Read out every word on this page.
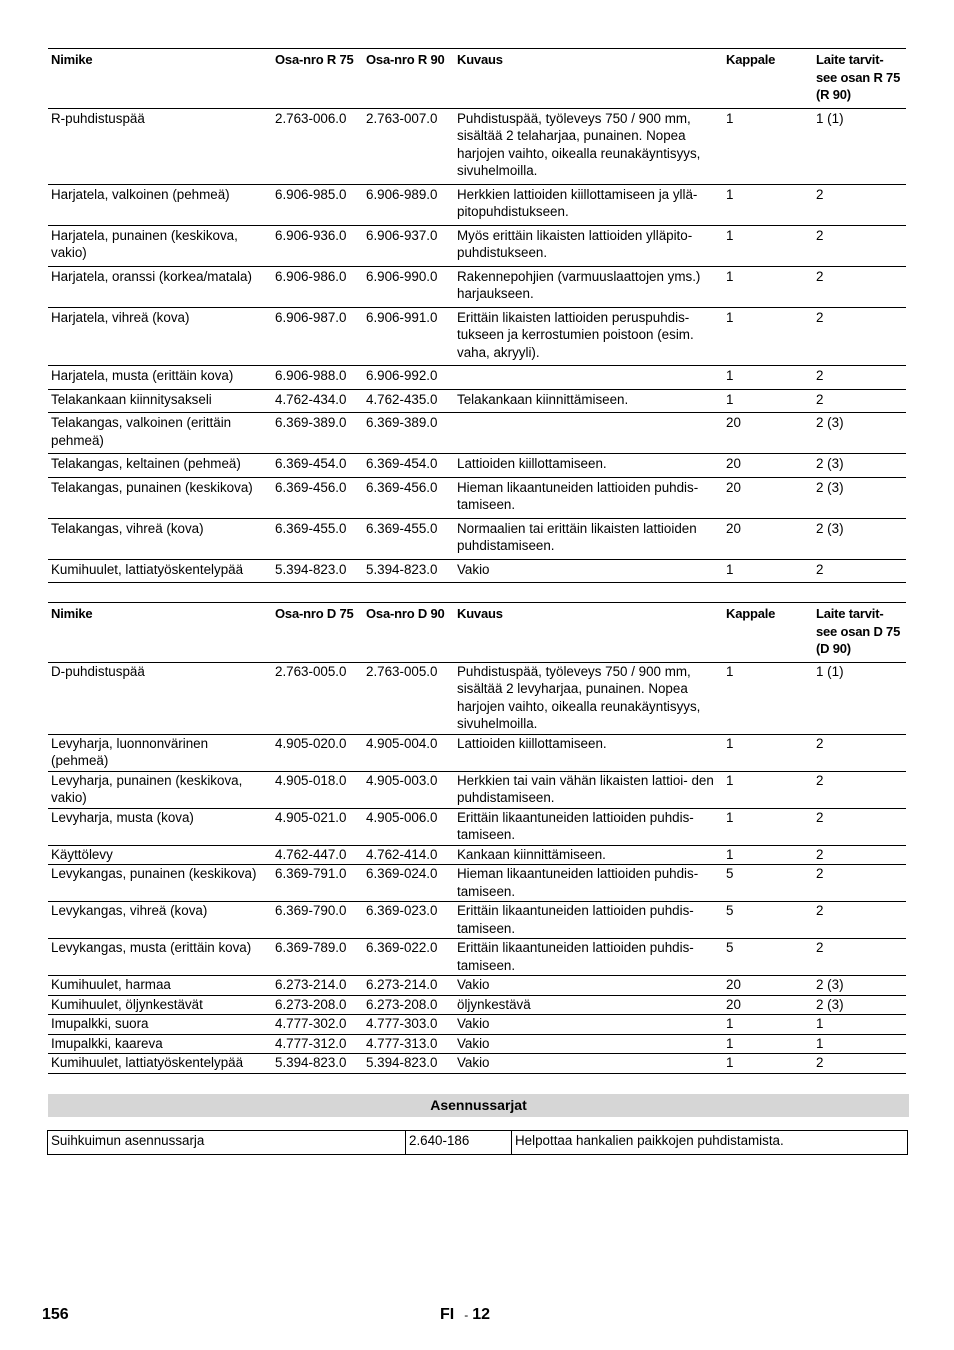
Nimike	Osa-nro R 75	Osa-nro R 90	Kuvaus	Kappale	Laite tarvit- see osan R 75 (R 90)
R-puhdistuspää	2.763-006.0	2.763-007.0	Puhdistuspää, työleveys 750 / 900 mm, sisältää 2 telaharjaa, punainen. Nopea harjojen vaihto, oikealla reunakäyntisyys, sivuhelmoilla.	1	1 (1)
Harjatela, valkoinen (pehmeä)	6.906-985.0	6.906-989.0	Herkkien lattioiden kiillottamiseen ja yllä- pitopuhdistukseen.	1	2
Harjatela, punainen (keskikova, vakio)	6.906-936.0	6.906-937.0	Myös erittäin likaisten lattioiden ylläpito- puhdistukseen.	1	2
Harjatela, oranssi (korkea/matala)	6.906-986.0	6.906-990.0	Rakennepohjien (varmuuslaattojen yms.) harjaukseen.	1	2
Harjatela, vihreä (kova)	6.906-987.0	6.906-991.0	Erittäin likaisten lattioiden peruspuhdis- tukseen ja kerrostumien poistoon (esim. vaha, akryyli).	1	2
Harjatela, musta (erittäin kova)	6.906-988.0	6.906-992.0		1	2
Telakankaan kiinnitysakseli	4.762-434.0	4.762-435.0	Telakankaan kiinnittämiseen.	1	2
Telakangas, valkoinen (erittäin pehmeä)	6.369-389.0	6.369-389.0		20	2 (3)
Telakangas, keltainen (pehmeä)	6.369-454.0	6.369-454.0	Lattioiden kiillottamiseen.	20	2 (3)
Telakangas, punainen (keskikova)	6.369-456.0	6.369-456.0	Hieman likaantuneiden lattioiden puhdis- tamiseen.	20	2 (3)
Telakangas, vihreä (kova)	6.369-455.0	6.369-455.0	Normaalien tai erittäin likaisten lattioiden puhdistamiseen.	20	2 (3)
Kumihuulet, lattiatyöskentelypää	5.394-823.0	5.394-823.0	Vakio	1	2
Nimike	Osa-nro D 75	Osa-nro D 90	Kuvaus	Kappale	Laite tarvit- see osan D 75 (D 90)
D-puhdistuspää	2.763-005.0	2.763-005.0	Puhdistuspää, työleveys 750 / 900 mm, sisältää 2 levyharjaa, punainen. Nopea harjojen vaihto, oikealla reunakäyntisyys, sivuhelmoilla.	1	1 (1)
Levyharja, luonnonvärinen (pehmeä)	4.905-020.0	4.905-004.0	Lattioiden kiillottamiseen.	1	2
Levyharja, punainen (keskikova, vakio)	4.905-018.0	4.905-003.0	Herkkien tai vain vähän likaisten lattioi- den puhdistamiseen.	1	2
Levyharja, musta (kova)	4.905-021.0	4.905-006.0	Erittäin likaantuneiden lattioiden puhdis- tamiseen.	1	2
Käyttölevy	4.762-447.0	4.762-414.0	Kankaan kiinnittämiseen.	1	2
Levykangas, punainen (keskikova)	6.369-791.0	6.369-024.0	Hieman likaantuneiden lattioiden puhdis- tamiseen.	5	2
Levykangas, vihreä (kova)	6.369-790.0	6.369-023.0	Erittäin likaantuneiden lattioiden puhdis- tamiseen.	5	2
Levykangas, musta (erittäin kova)	6.369-789.0	6.369-022.0	Erittäin likaantuneiden lattioiden puhdis- tamiseen.	5	2
Kumihuulet, harmaa	6.273-214.0	6.273-214.0	Vakio	20	2 (3)
Kumihuulet, öljynkestävät	6.273-208.0	6.273-208.0	öljynkestävä	20	2 (3)
Imupalkki, suora	4.777-302.0	4.777-303.0	Vakio	1	1
Imupalkki, kaareva	4.777-312.0	4.777-313.0	Vakio	1	1
Kumihuulet, lattiatyöskentelypää	5.394-823.0	5.394-823.0	Vakio	1	2
Asennussarjat
Suihkuimun asennussarja	2.640-186	Helpottaa hankalien paikkojen puhdistamista.
156	FI - 12
